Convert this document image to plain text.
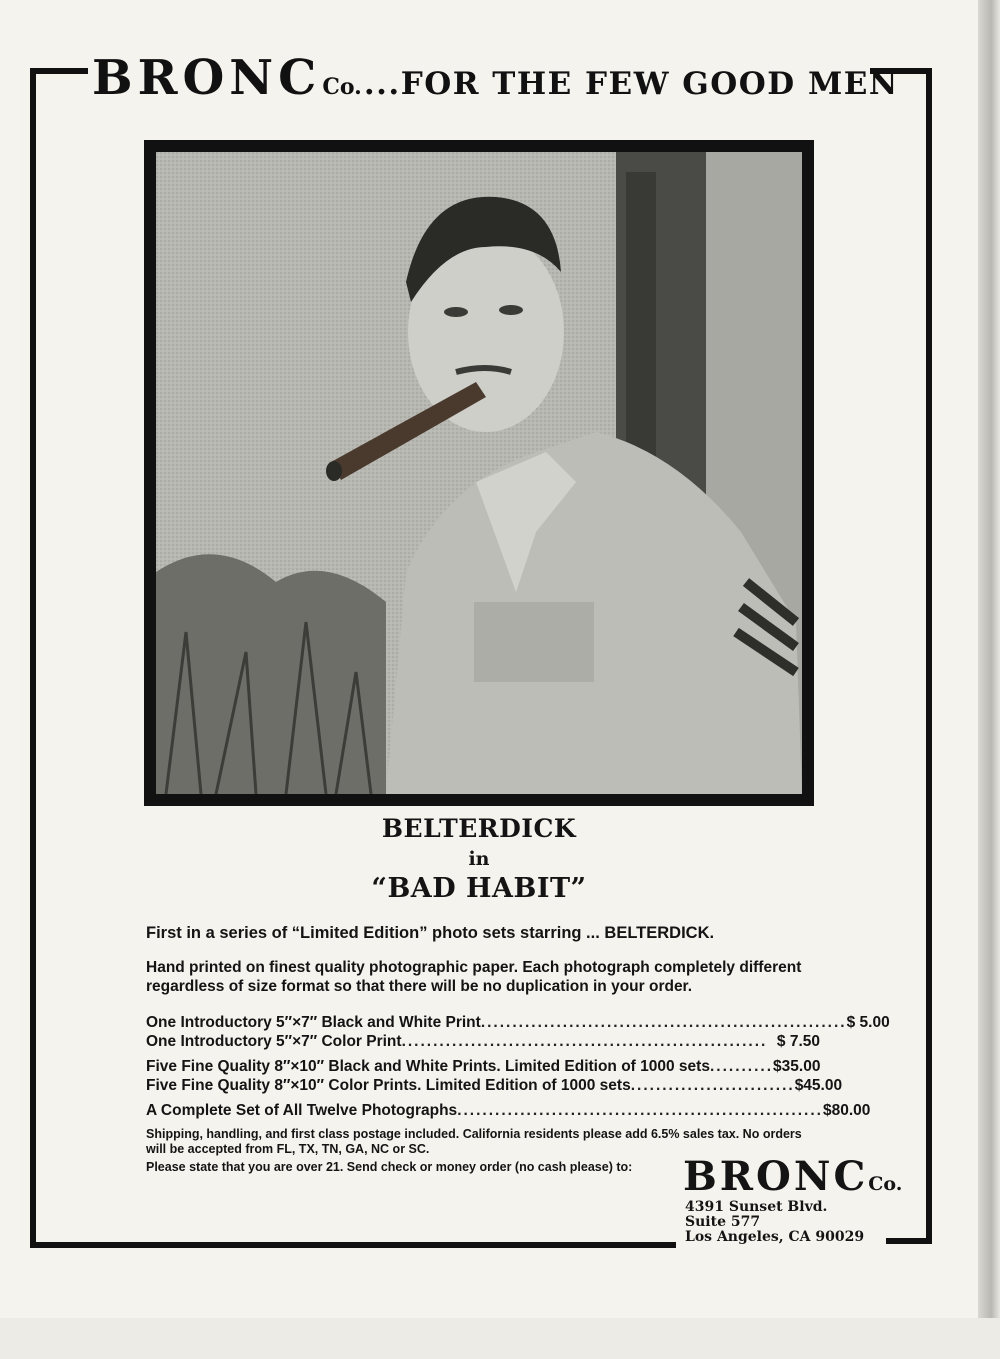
BRONC Co. ...FOR THE FEW GOOD MEN
BELTERDICK
in
“BAD HABIT”
First in a series of “Limited Edition” photo sets starring ... BELTERDICK.
Hand printed on finest quality photographic paper. Each photograph completely different regardless of size format so that there will be no duplication in your order.
One Introductory 5″×7″ Black and White Print .......................................................... $ 5.00
One Introductory 5″×7″ Color Print .......................................................... $ 7.50
Five Fine Quality 8″×10″ Black and White Prints. Limited Edition of 1000 sets .......... $35.00
Five Fine Quality 8″×10″ Color Prints. Limited Edition of 1000 sets .......................... $45.00
A Complete Set of All Twelve Photographs .......................................................... $80.00
Shipping, handling, and first class postage included. California residents please add 6.5% sales tax. No orders will be accepted from FL, TX, TN, GA, NC or SC.
Please state that you are over 21. Send check or money order (no cash please) to:	BRONC Co.
4391 Sunset Blvd.
Suite 577
Los Angeles, CA 90029
